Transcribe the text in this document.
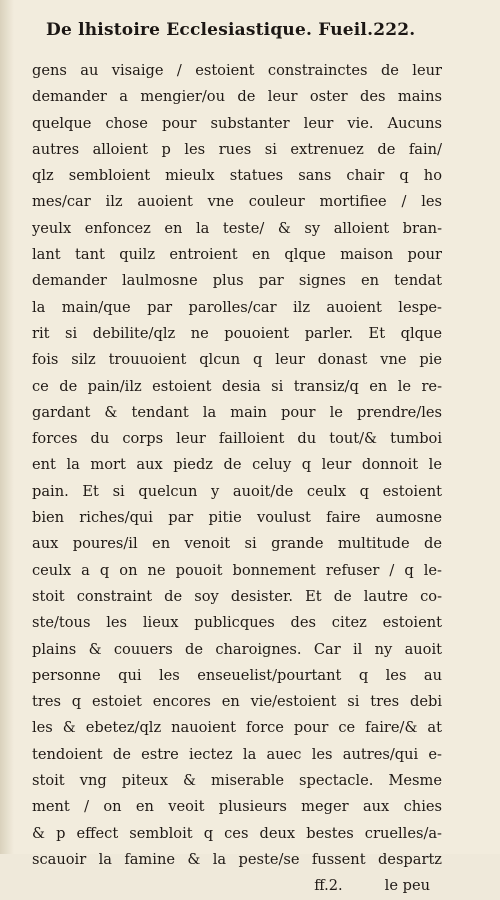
De lhistoire Ecclesiastique. Fueil.222.
gens au visaige / estoient constrainctes de leur
demander a mengier/ou de leur oster des mains
quelque chose pour substanter leur vie. Aucuns
autres alloient p les rues si extrenuez de fain/
qlz sembloient mieulx statues sans chair q ho
mes/car ilz auoient vne couleur mortifiee / les
yeulx enfoncez en la teste/ & sy alloient bran-
lant tant quilz entroient en qlque maison pour
demander laulmosne plus par signes en tendat
la main/que par parolles/car ilz auoient lespe-
rit si debilite/qlz ne pouoient parler. Et qlque
fois silz trouuoient qlcun q leur donast vne pie
ce de pain/ilz estoient desia si transiz/q en le re-
gardant & tendant la main pour le prendre/les
forces du corps leur failloient du tout/& tumboi
ent la mort aux piedz de celuy q leur donnoit le
pain. Et si quelcun y auoit/de ceulx q estoient
bien riches/qui par pitie voulust faire aumosne
aux poures/il en venoit si grande multitude de
ceulx a q on ne pouoit bonnement refuser / q le-
stoit constraint de soy desister. Et de lautre co-
ste/tous les lieux publicques des citez estoient
plains & couuers de charoignes. Car il ny auoit
personne qui les enseuelist/pourtant q les au
tres q estoiet encores en vie/estoient si tres debi
les & ebetez/qlz nauoient force pour ce faire/& at
tendoient de estre iectez la auec les autres/qui e-
stoit vng piteux & miserable spectacle. Mesme
ment / on en veoit plusieurs meger aux chies
& p effect sembloit q ces deux bestes cruelles/a-
scauoir la famine & la peste/se fussent despartz
ff.2.	le peu
